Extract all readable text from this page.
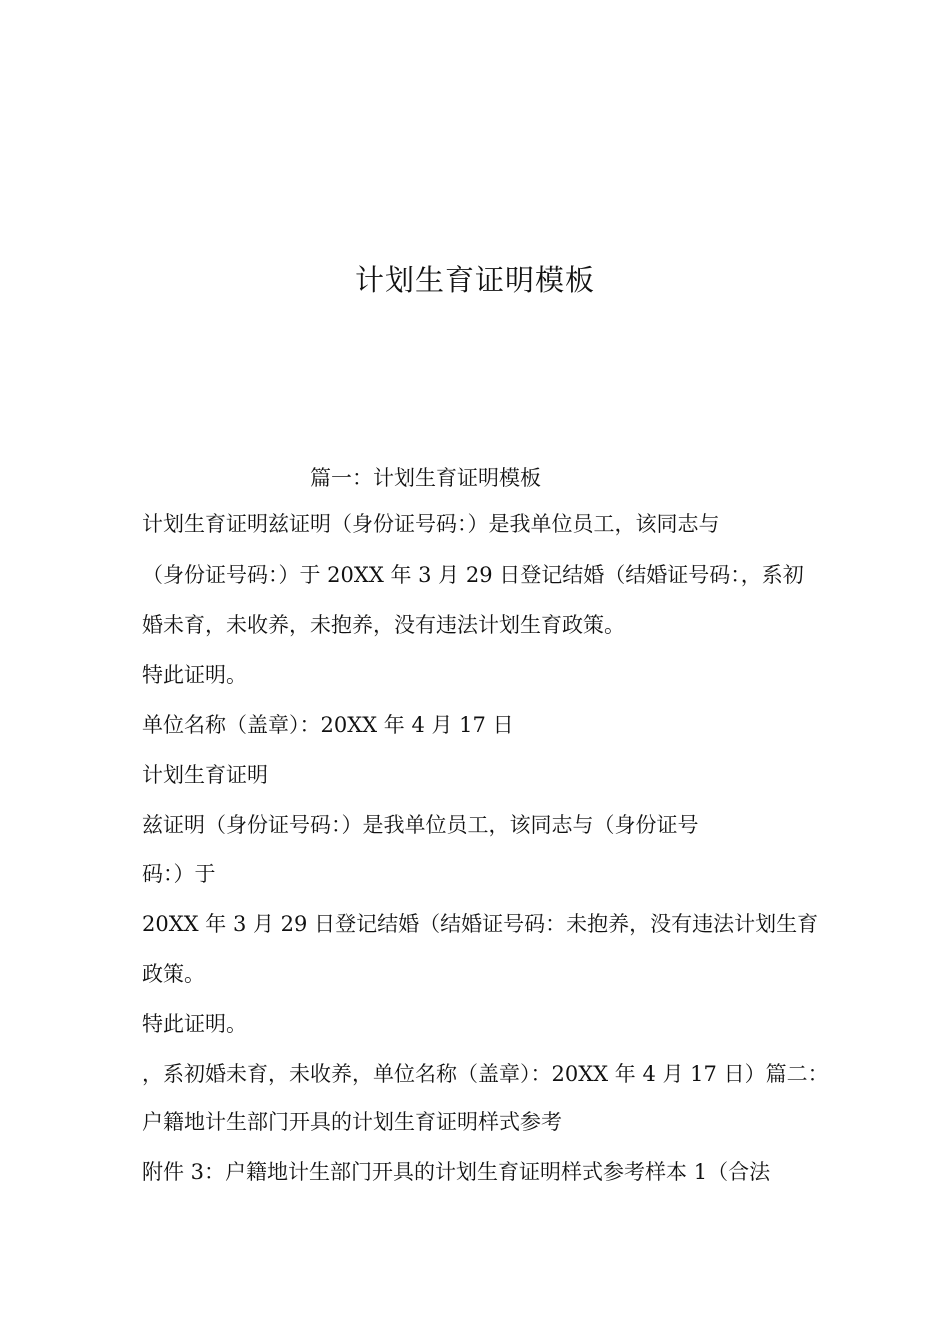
计划生育证明模板
篇一：计划生育证明模板
计划生育证明兹证明（身份证号码：）是我单位员工，该同志与
（身份证号码：）于 20XX 年 3 月 29 日登记结婚（结婚证号码：，系初
婚未育，未收养，未抱养，没有违法计划生育政策。
特此证明。
单位名称（盖章）：20XX 年 4 月 17 日
计划生育证明
兹证明（身份证号码：）是我单位员工，该同志与（身份证号
码：）于
20XX 年 3 月 29 日登记结婚（结婚证号码：未抱养，没有违法计划生育
政策。
特此证明。
，系初婚未育，未收养，单位名称（盖章）：20XX 年 4 月 17 日）篇二：
户籍地计生部门开具的计划生育证明样式参考
附件 3：户籍地计生部门开具的计划生育证明样式参考样本 1（合法
